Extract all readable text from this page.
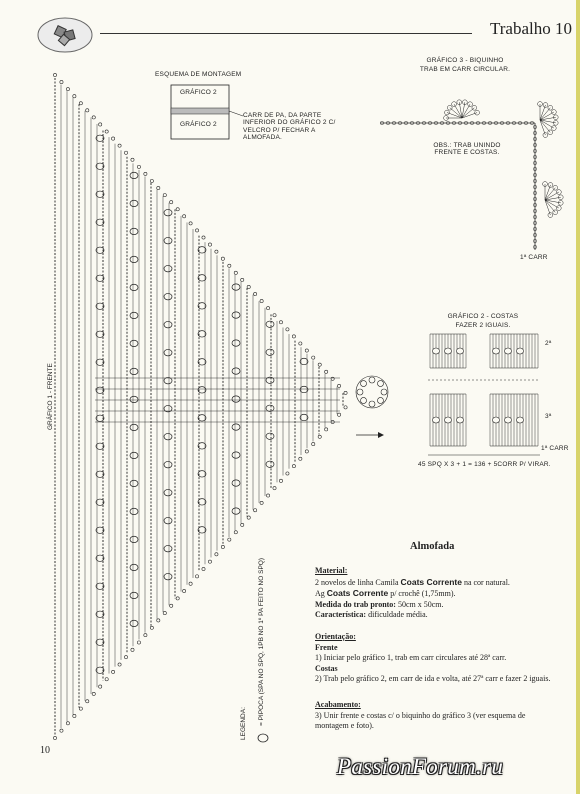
Trabalho 10
ESQUEMA DE MONTAGEM
GRÁFICO 2
GRÁFICO 2
CARR DE PA, DA PARTE INFERIOR DO GRÁFICO 2 C/ VELCRO P/ FECHAR A ALMOFADA.
GRÁFICO 1 - FRENTE
GRÁFICO 3 - BIQUINHO
TRAB EM CARR CIRCULAR.
OBS.: TRAB UNINDO FRENTE E COSTAS.
1ª CARR
GRÁFICO 2 - COSTAS
FAZER 2 IGUAIS.
2ª
3ª
1ª CARR
45 SPQ X 3 + 1 = 136 + 5CORR P/ VIRAR.
LEGENDA: = PIPOCA (SPA NO SPQ, 1PB NO 1º PA FEITO NO SPQ)
Almofada
Material:
2 novelos de linha Camila Coats Corrente na cor natural.
Ag Coats Corrente p/ crochê (1,75mm).
Medida do trab pronto: 50cm x 50cm.
Característica: dificuldade média.
Orientação:
Frente
1) Iniciar pelo gráfico 1, trab em carr circulares até 28ª carr.
Costas
2) Trab pelo gráfico 2, em carr de ida e volta, até 27ª carr e fazer 2 iguais.
Acabamento:
3) Unir frente e costas c/ o biquinho do gráfico 3 (ver esquema de montagem e foto).
10
PassionForum.ru
